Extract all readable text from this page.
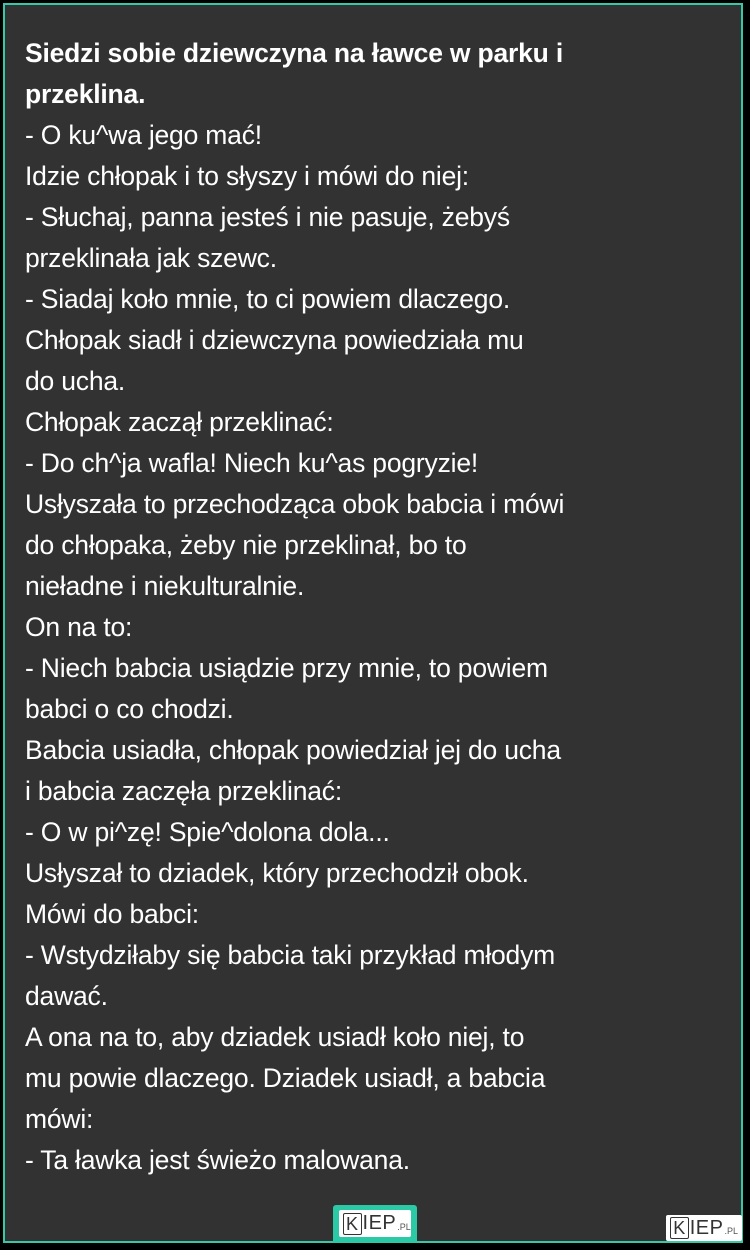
Siedzi sobie dziewczyna na ławce w parku i
przeklina.
- O ku^wa jego mać!
Idzie chłopak i to słyszy i mówi do niej:
- Słuchaj, panna jesteś i nie pasuje, żebyś
przeklinała jak szewc.
- Siadaj koło mnie, to ci powiem dlaczego.
Chłopak siadł i dziewczyna powiedziała mu
do ucha.
Chłopak zaczął przeklinać:
- Do ch^ja wafla! Niech ku^as pogryzie!
Usłyszała to przechodząca obok babcia i mówi
do chłopaka, żeby nie przeklinał, bo to
nieładne i niekulturalnie.
On na to:
- Niech babcia usiądzie przy mnie, to powiem
babci o co chodzi.
Babcia usiadła, chłopak powiedział jej do ucha
i babcia zaczęła przeklinać:
- O w pi^zę! Spie^dolona dola...
Usłyszał to dziadek, który przechodził obok.
Mówi do babci:
- Wstydziłaby się babcia taki przykład młodym
dawać.
A ona na to, aby dziadek usiadł koło niej, to
mu powie dlaczego. Dziadek usiadł, a babcia
mówi:
- Ta ławka jest świeżo malowana.
K IEP .PL	K IEP .PL
